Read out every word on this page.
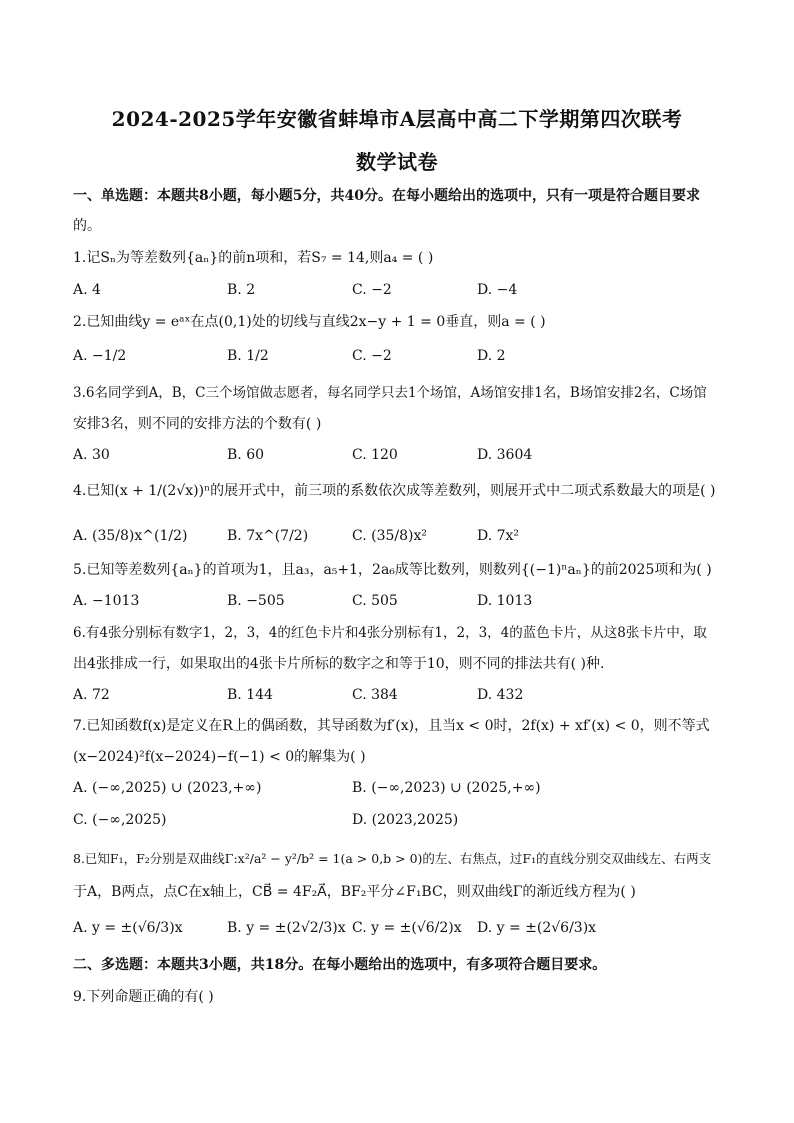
2024-2025学年安徽省蚌埠市A层高中高二下学期第四次联考
数学试卷
一、单选题：本题共8小题，每小题5分，共40分。在每小题给出的选项中，只有一项是符合题目要求
的。
1.记Sₙ为等差数列{aₙ}的前n项和，若S₇ = 14,则a₄ = ( )
A. 4	B. 2	C. −2	D. −4
2.已知曲线y = eᵃˣ在点(0,1)处的切线与直线2x−y + 1 = 0垂直，则a = ( )
A. −1/2	B. 1/2	C. −2	D. 2
3.6名同学到A，B，C三个场馆做志愿者，每名同学只去1个场馆，A场馆安排1名，B场馆安排2名，C场馆
安排3名，则不同的安排方法的个数有( )
A. 30	B. 60	C. 120	D. 3604
4.已知(x + 1/(2√x))ⁿ的展开式中，前三项的系数依次成等差数列，则展开式中二项式系数最大的项是( )
A. (35/8)x^(1/2)	B. 7x^(7/2)	C. (35/8)x²	D. 7x²
5.已知等差数列{aₙ}的首项为1，且a₃，a₅+1，2a₆成等比数列，则数列{(−1)ⁿaₙ}的前2025项和为( )
A. −1013	B. −505	C. 505	D. 1013
6.有4张分别标有数字1，2，3，4的红色卡片和4张分别标有1，2，3，4的蓝色卡片，从这8张卡片中，取
出4张排成一行，如果取出的4张卡片所标的数字之和等于10，则不同的排法共有( )种.
A. 72	B. 144	C. 384	D. 432
7.已知函数f(x)是定义在R上的偶函数，其导函数为f′(x)，且当x < 0时，2f(x) + xf′(x) < 0，则不等式
(x−2024)²f(x−2024)−f(−1) < 0的解集为( )
A. (−∞,2025) ∪ (2023,+∞)	B. (−∞,2023) ∪ (2025,+∞)
C. (−∞,2025)	D. (2023,2025)
8.已知F₁，F₂分别是双曲线Γ:x²/a² − y²/b² = 1(a > 0,b > 0)的左、右焦点，过F₁的直线分别交双曲线左、右两支
于A，B两点，点C在x轴上，CB⃗ = 4F₂A⃗，BF₂平分∠F₁BC，则双曲线Γ的渐近线方程为( )
A. y = ±(√6/3)x	B. y = ±(2√2/3)x C. y = ±(√6/2)x D. y = ±(2√6/3)x
二、多选题：本题共3小题，共18分。在每小题给出的选项中，有多项符合题目要求。
9.下列命题正确的有( )
